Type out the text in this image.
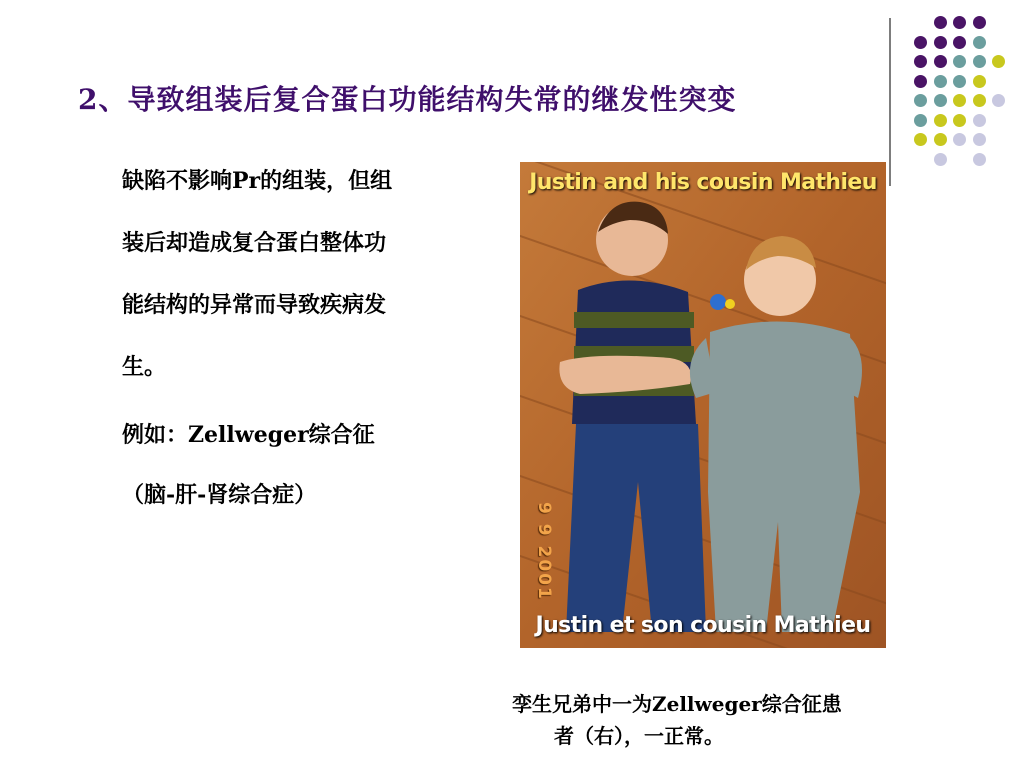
2、导致组装后复合蛋白功能结构失常的继发性突变

缺陷不影响Pr的组装，但组

装后却造成复合蛋白整体功

能结构的异常而导致疾病发

生。

例如：Zellweger综合征

（脑-肝-肾综合症）

Justin and his cousin Mathieu
9 9 2001
Justin et son cousin Mathieu
孪生兄弟中一为Zellweger综合征患
者（右），一正常。
